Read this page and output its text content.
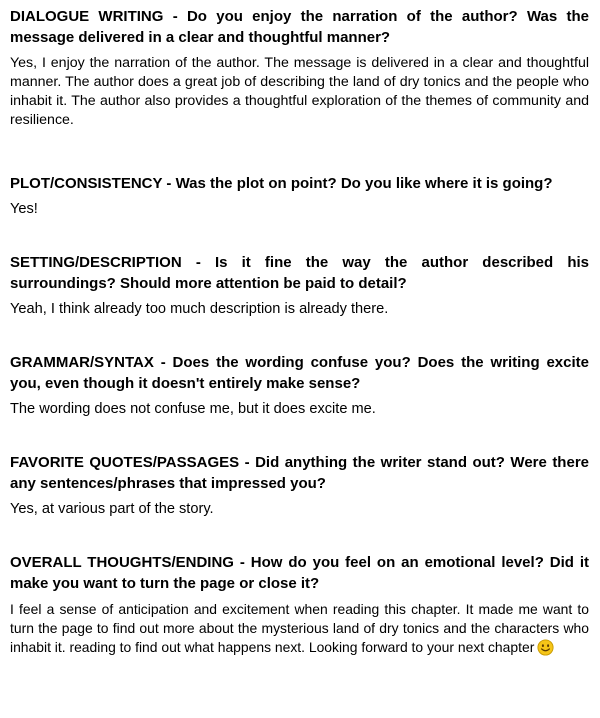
DIALOGUE WRITING - Do you enjoy the narration of the author? Was the message delivered in a clear and thoughtful manner?

Yes, I enjoy the narration of the author. The message is delivered in a clear and thoughtful manner. The author does a great job of describing the land of dry tonics and the people who inhabit it. The author also provides a thoughtful exploration of the themes of community and resilience.

PLOT/CONSISTENCY - Was the plot on point? Do you like where it is going?

Yes!

SETTING/DESCRIPTION - Is it fine the way the author described his surroundings? Should more attention be paid to detail?

Yeah, I think already too much description is already there.

GRAMMAR/SYNTAX - Does the wording confuse you? Does the writing excite you, even though it doesn't entirely make sense?

The wording does not confuse me, but it does excite me.

FAVORITE QUOTES/PASSAGES - Did anything the writer stand out? Were there any sentences/phrases that impressed you?

Yes, at various part of the story.

OVERALL THOUGHTS/ENDING - How do you feel on an emotional level? Did it make you want to turn the page or close it?

I feel a sense of anticipation and excitement when reading this chapter. It made me want to turn the page to find out more about the mysterious land of dry tonics and the characters who inhabit it. reading to find out what happens next. Looking forward to your next chapter
